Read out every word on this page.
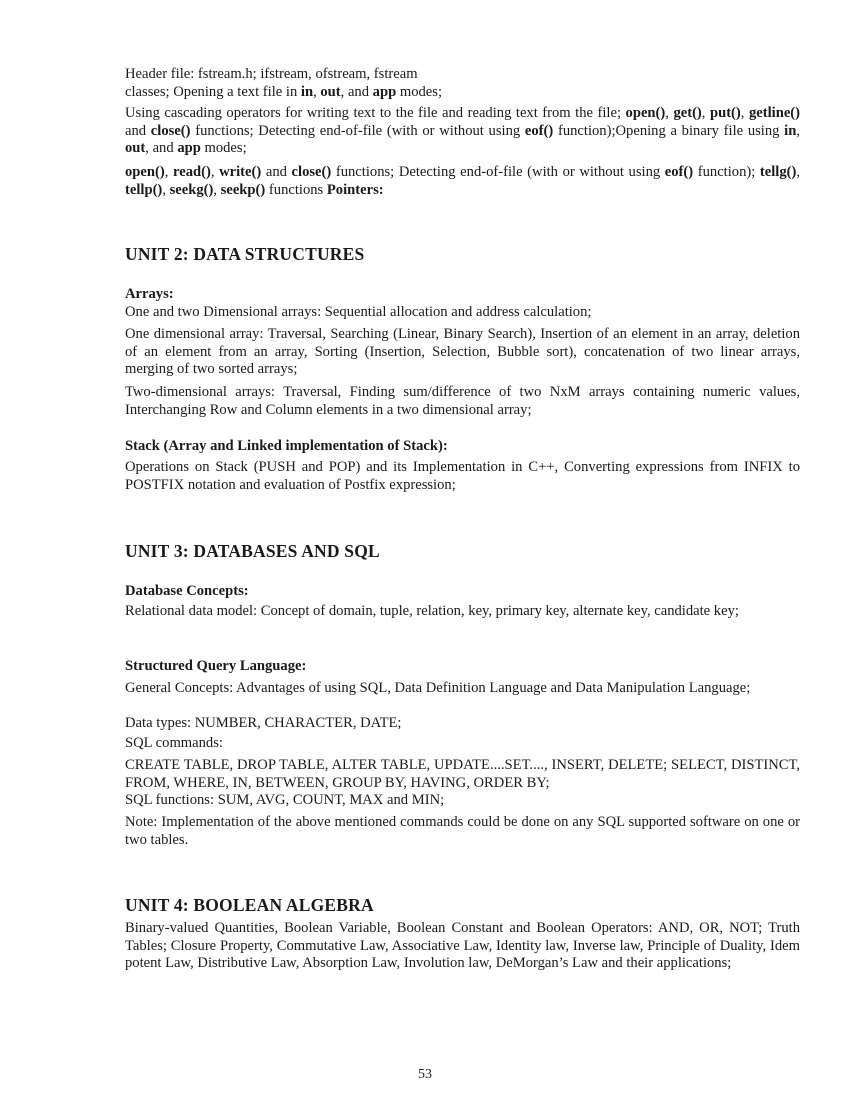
Header file: fstream.h; ifstream, ofstream, fstream

classes; Opening a text file in in, out, and app modes;

Using cascading operators for writing text to the file and reading text from the file; open(), get(), put(), getline() and close() functions; Detecting end-of-file (with or without using eof() function);Opening a binary file using in, out, and app modes;

open(), read(), write() and close() functions; Detecting end-of-file (with or without using eof() function); tellg(), tellp(), seekg(), seekp() functions Pointers:

UNIT 2: DATA STRUCTURES

Arrays:

One and two Dimensional arrays: Sequential allocation and address calculation;

One dimensional array: Traversal, Searching (Linear, Binary Search), Insertion of an element in an array, deletion of an element from an array, Sorting (Insertion, Selection, Bubble sort), concatenation of two linear arrays, merging of two sorted arrays;

Two-dimensional arrays: Traversal, Finding sum/difference of two NxM arrays containing numeric values, Interchanging Row and Column elements in a two dimensional array;

Stack (Array and Linked implementation of Stack):

Operations on Stack (PUSH and POP) and its Implementation in C++, Converting expressions from INFIX to POSTFIX notation and evaluation of Postfix expression;

UNIT 3: DATABASES AND SQL

Database Concepts:

Relational data model: Concept of domain, tuple, relation, key, primary key, alternate key, candidate key;

Structured Query Language:

General Concepts: Advantages of using SQL, Data Definition Language and Data Manipulation Language;

Data types: NUMBER, CHARACTER, DATE;

SQL commands:

CREATE TABLE, DROP TABLE, ALTER TABLE, UPDATE....SET...., INSERT, DELETE; SELECT, DISTINCT, FROM, WHERE, IN, BETWEEN, GROUP BY, HAVING, ORDER BY;

SQL functions: SUM, AVG, COUNT, MAX and MIN;

Note: Implementation of the above mentioned commands could be done on any SQL supported software on one or two tables.

UNIT 4: BOOLEAN ALGEBRA

Binary-valued Quantities, Boolean Variable, Boolean Constant and Boolean Operators: AND, OR, NOT; Truth Tables; Closure Property, Commutative Law, Associative Law, Identity law, Inverse law, Principle of Duality, Idem potent Law, Distributive Law, Absorption Law, Involution law, DeMorgan’s Law and their applications;

53
